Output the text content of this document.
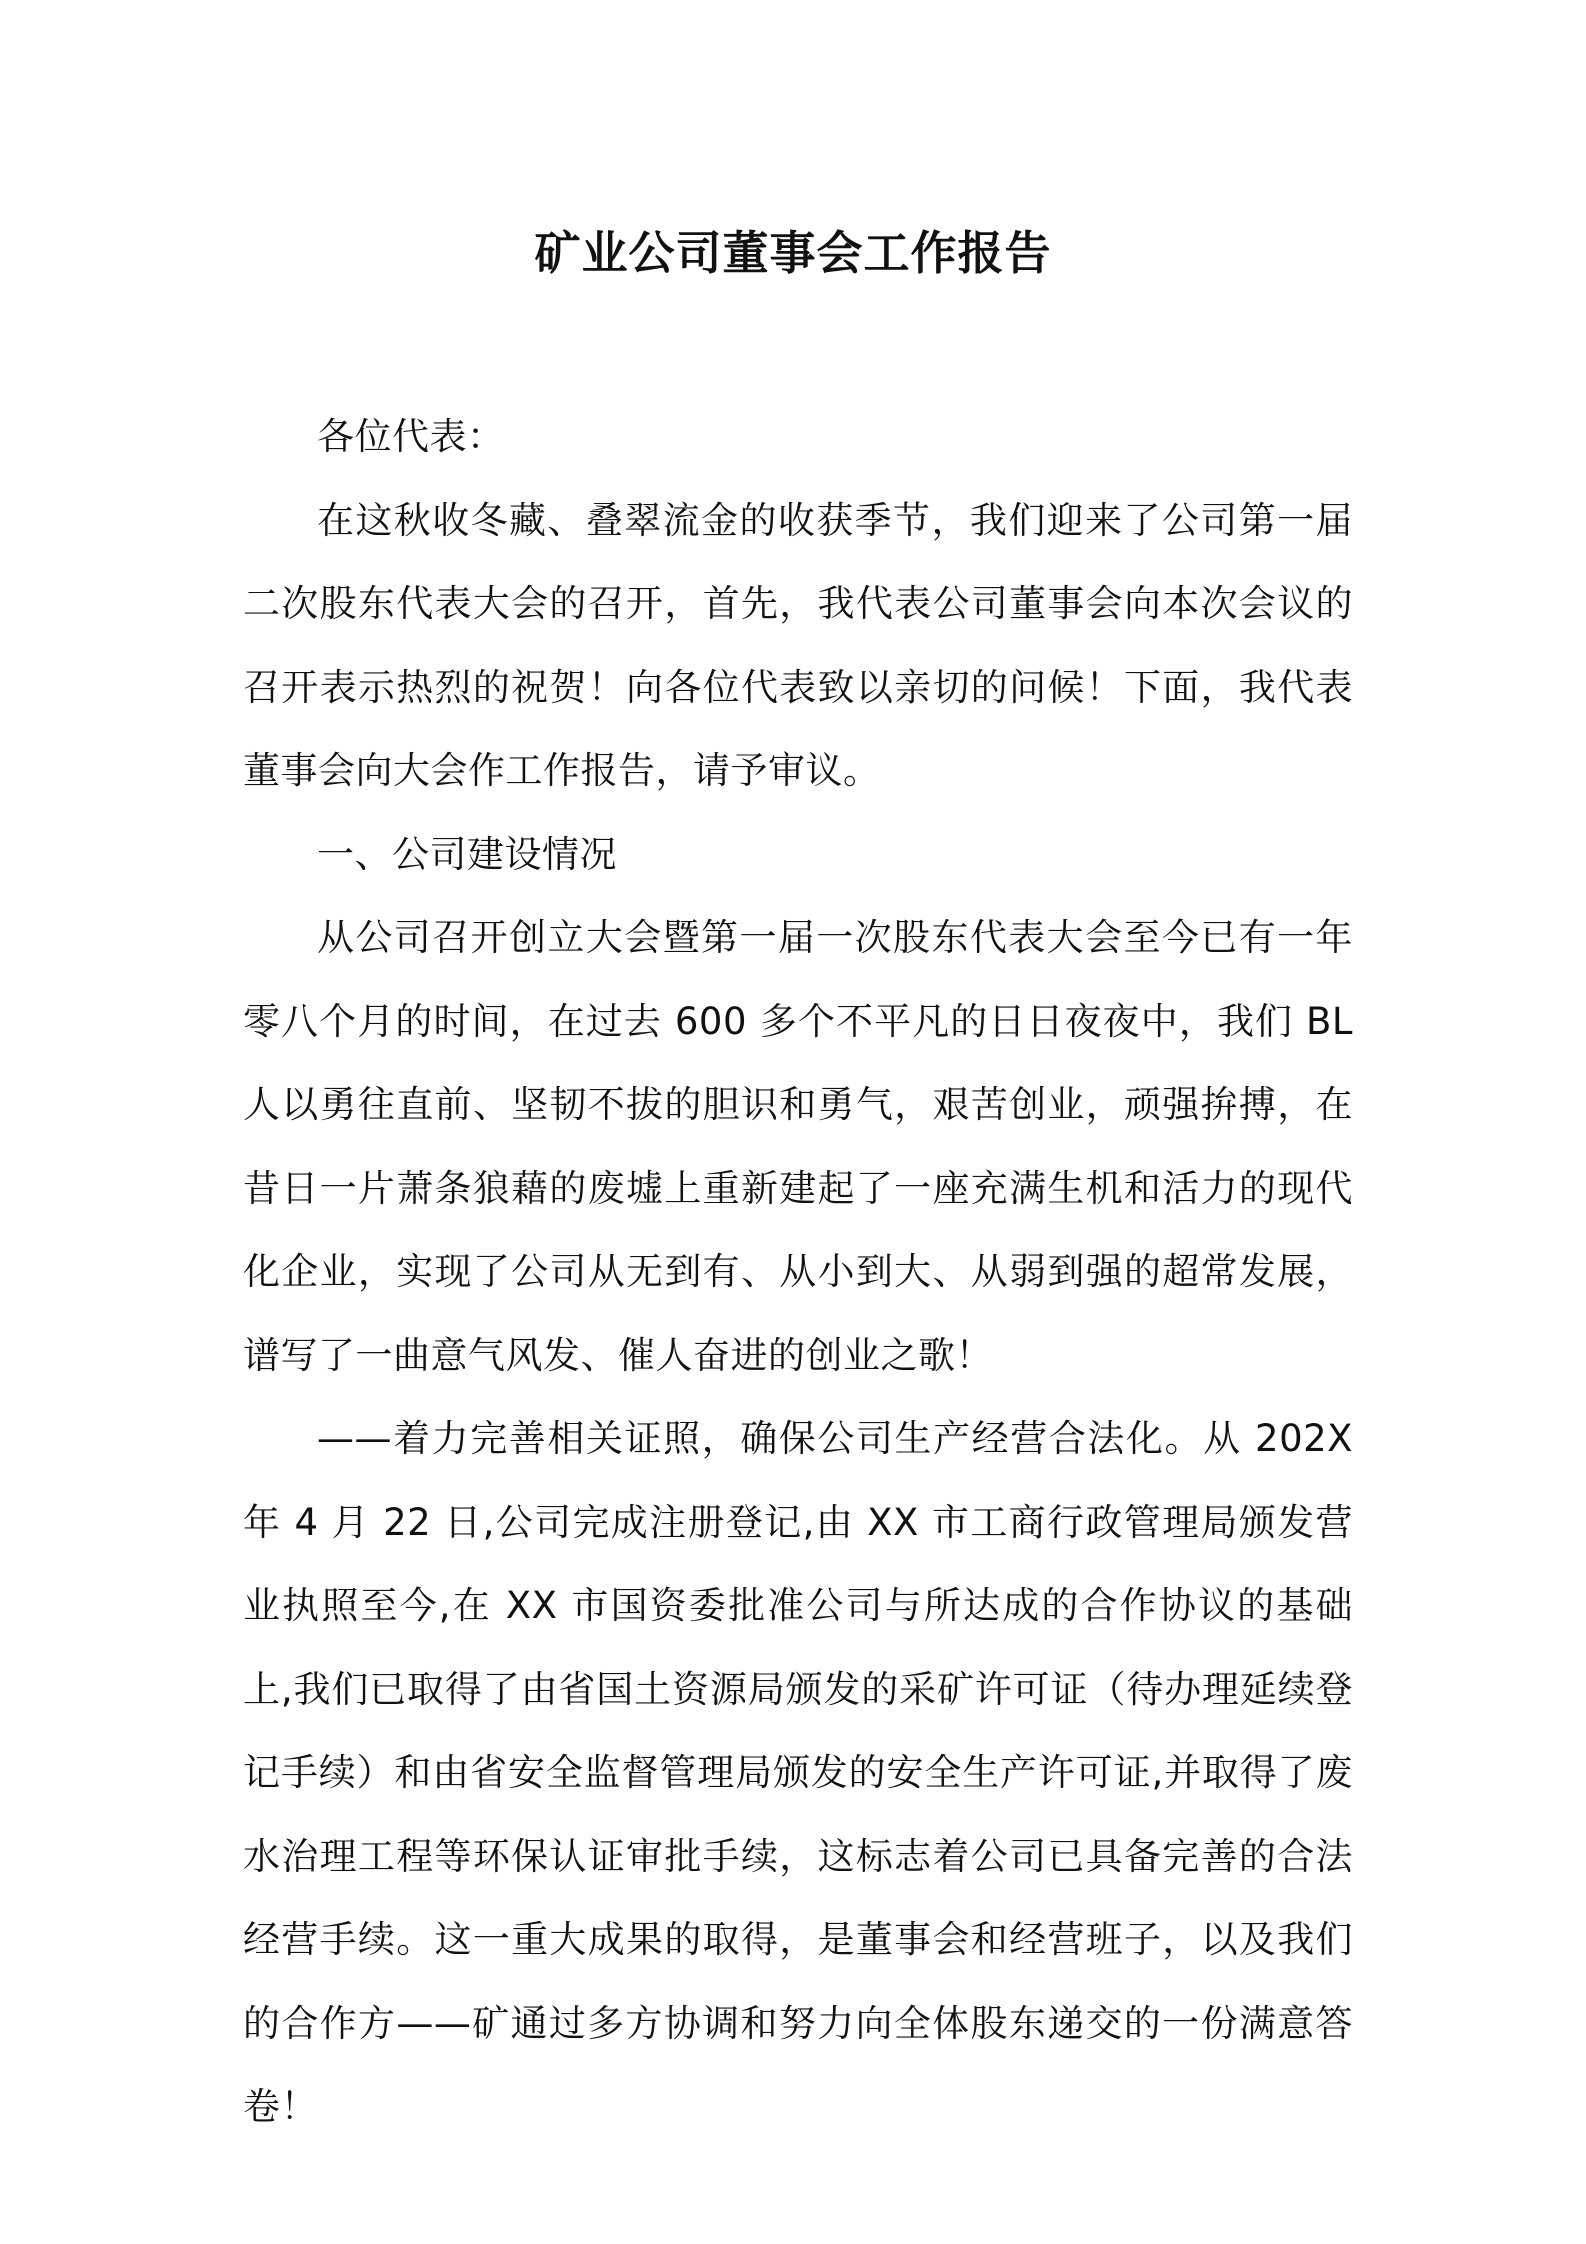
矿业公司董事会工作报告

各位代表：

在这秋收冬藏、叠翠流金的收获季节，我们迎来了公司第一届二次股东代表大会的召开，首先，我代表公司董事会向本次会议的召开表示热烈的祝贺！向各位代表致以亲切的问候！下面，我代表董事会向大会作工作报告，请予审议。

一、公司建设情况

从公司召开创立大会暨第一届一次股东代表大会至今已有一年零八个月的时间，在过去 600 多个不平凡的日日夜夜中，我们 BL 人以勇往直前、坚韧不拔的胆识和勇气，艰苦创业，顽强拚搏，在昔日一片萧条狼藉的废墟上重新建起了一座充满生机和活力的现代化企业，实现了公司从无到有、从小到大、从弱到强的超常发展，谱写了一曲意气风发、催人奋进的创业之歌！

——着力完善相关证照，确保公司生产经营合法化。从 202X 年 4 月 22 日,公司完成注册登记,由 XX 市工商行政管理局颁发营业执照至今,在 XX 市国资委批准公司与所达成的合作协议的基础上,我们已取得了由省国土资源局颁发的采矿许可证（待办理延续登记手续）和由省安全监督管理局颁发的安全生产许可证,并取得了废水治理工程等环保认证审批手续，这标志着公司已具备完善的合法经营手续。这一重大成果的取得，是董事会和经营班子，以及我们的合作方——矿通过多方协调和努力向全体股东递交的一份满意答卷！
